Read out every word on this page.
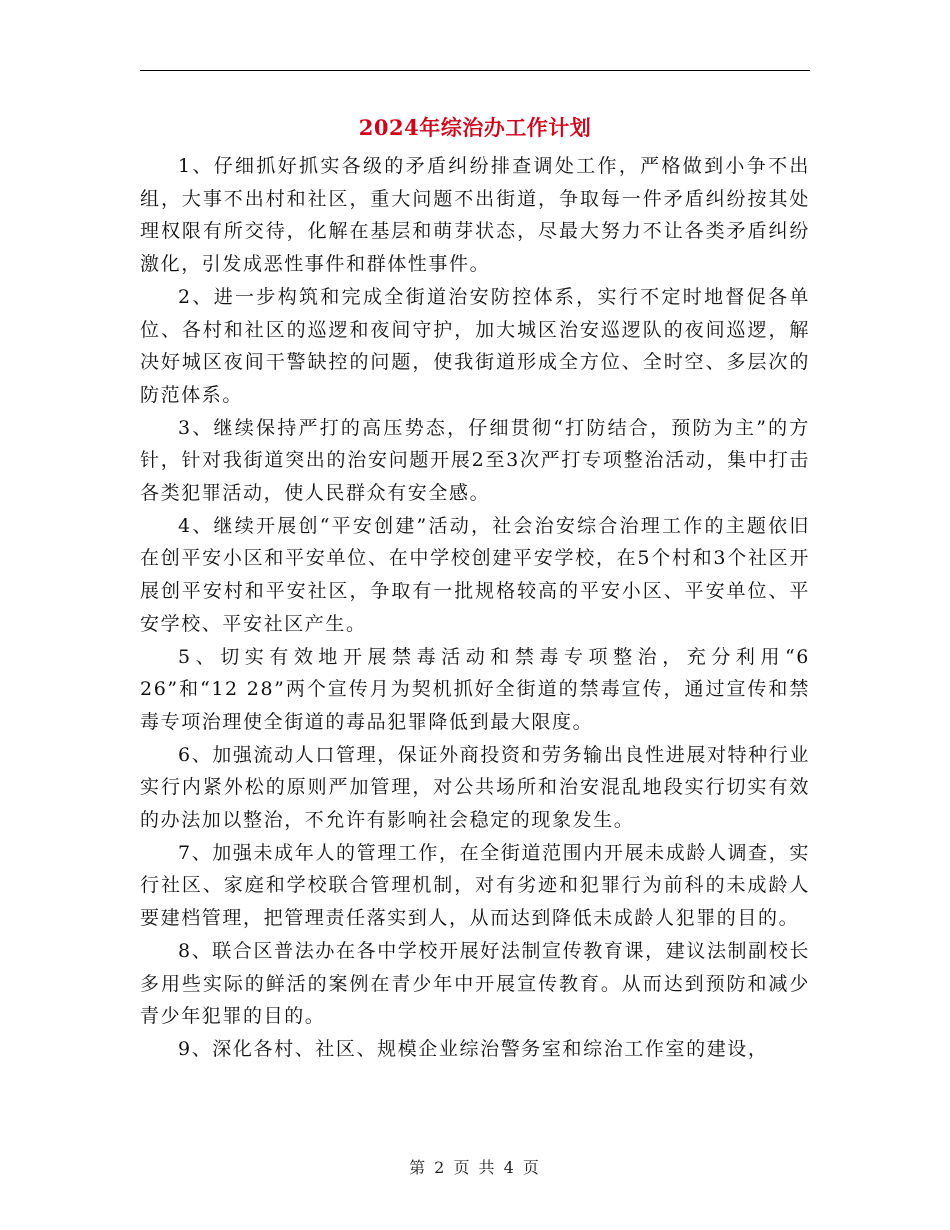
2024年综治办工作计划

1、仔细抓好抓实各级的矛盾纠纷排查调处工作，严格做到小争不出组，大事不出村和社区，重大问题不出街道，争取每一件矛盾纠纷按其处理权限有所交待，化解在基层和萌芽状态，尽最大努力不让各类矛盾纠纷激化，引发成恶性事件和群体性事件。

2、进一步构筑和完成全街道治安防控体系，实行不定时地督促各单位、各村和社区的巡逻和夜间守护，加大城区治安巡逻队的夜间巡逻，解决好城区夜间干警缺控的问题，使我街道形成全方位、全时空、多层次的防范体系。

3、继续保持严打的高压势态，仔细贯彻“打防结合，预防为主”的方针，针对我街道突出的治安问题开展2至3次严打专项整治活动，集中打击各类犯罪活动，使人民群众有安全感。

4、继续开展创“平安创建”活动，社会治安综合治理工作的主题依旧在创平安小区和平安单位、在中学校创建平安学校，在5个村和3个社区开展创平安村和平安社区，争取有一批规格较高的平安小区、平安单位、平安学校、平安社区产生。

5、切实有效地开展禁毒活动和禁毒专项整治，充分利用“6 26”和“12 28”两个宣传月为契机抓好全街道的禁毒宣传，通过宣传和禁毒专项治理使全街道的毒品犯罪降低到最大限度。

6、加强流动人口管理，保证外商投资和劳务输出良性进展对特种行业实行内紧外松的原则严加管理，对公共场所和治安混乱地段实行切实有效的办法加以整治，不允许有影响社会稳定的现象发生。

7、加强未成年人的管理工作，在全街道范围内开展未成龄人调查，实行社区、家庭和学校联合管理机制，对有劣迹和犯罪行为前科的未成龄人要建档管理，把管理责任落实到人，从而达到降低未成龄人犯罪的目的。

8、联合区普法办在各中学校开展好法制宣传教育课，建议法制副校长多用些实际的鲜活的案例在青少年中开展宣传教育。从而达到预防和减少青少年犯罪的目的。

9、深化各村、社区、规模企业综治警务室和综治工作室的建设，

第 2 页 共 4 页
